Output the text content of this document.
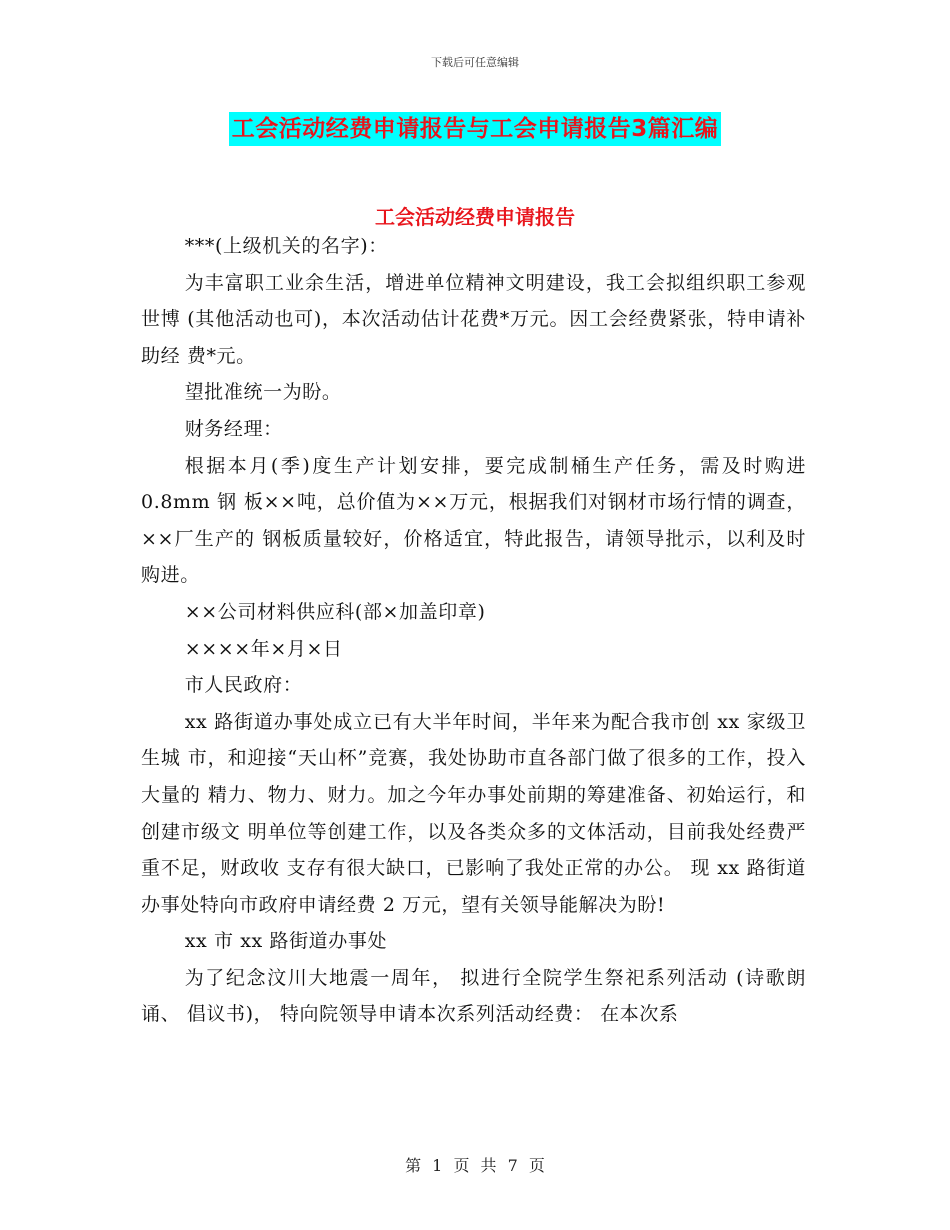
下载后可任意编辑
工会活动经费申请报告与工会申请报告3篇汇编
工会活动经费申请报告

***(上级机关的名字)：

为丰富职工业余生活，增进单位精神文明建设，我工会拟组织职工参观世博 (其他活动也可)，本次活动估计花费*万元。因工会经费紧张，特申请补助经 费*元。

望批准统一为盼。

财务经理：

根据本月(季)度生产计划安排，要完成制桶生产任务，需及时购进 0.8mm 钢 板××吨，总价值为××万元，根据我们对钢材市场行情的调查，××厂生产的 钢板质量较好，价格适宜，特此报告，请领导批示，以利及时购进。

××公司材料供应科(部×加盖印章)

××××年×月×日

市人民政府：

xx 路街道办事处成立已有大半年时间，半年来为配合我市创 xx 家级卫生城 市，和迎接“天山杯”竞赛，我处协助市直各部门做了很多的工作，投入大量的 精力、物力、财力。加之今年办事处前期的筹建准备、初始运行，和创建市级文 明单位等创建工作，以及各类众多的文体活动，目前我处经费严重不足，财政收 支存有很大缺口，已影响了我处正常的办公。 现 xx 路街道办事处特向市政府申请经费 2 万元，望有关领导能解决为盼!

xx 市 xx 路街道办事处

为了纪念汶川大地震一周年， 拟进行全院学生祭祀系列活动 (诗歌朗诵、 倡议书)， 特向院领导申请本次系列活动经费： 在本次系

第 1 页 共 7 页
